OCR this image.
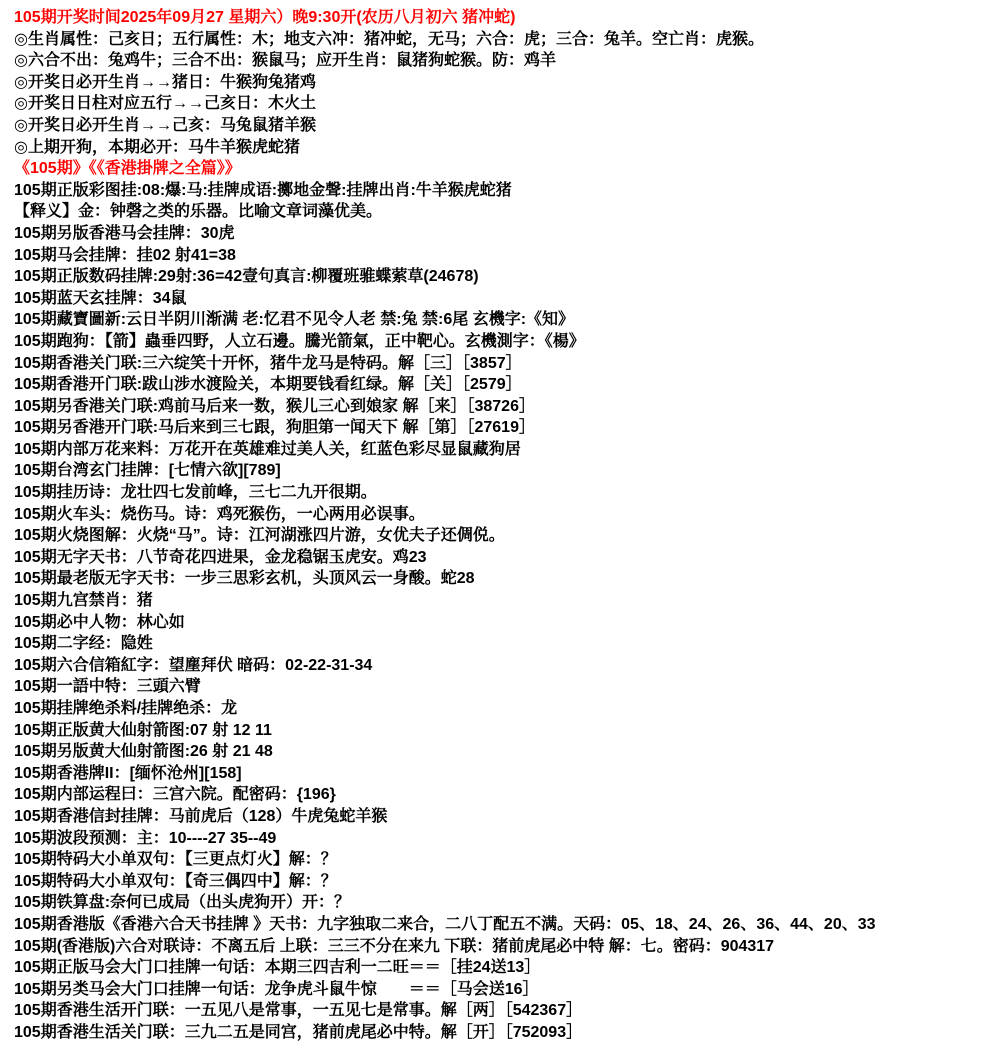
105期开奖时间2025年09月27 星期六）晚9:30开(农历八月初六 猪冲蛇)
◎生肖属性：己亥日；五行属性：木；地支六冲：猪冲蛇，无马；六合：虎；三合：兔羊。空亡肖：虎猴。
◎六合不出：兔鸡牛；三合不出：猴鼠马；应开生肖：鼠猪狗蛇猴。防：鸡羊
◎开奖日必开生肖→→猪日：牛猴狗兔猪鸡
◎开奖日日柱对应五行→→己亥日：木火土
◎开奖日必开生肖→→己亥：马兔鼠猪羊猴
◎上期开狗，本期必开：马牛羊猴虎蛇猪
《105期》《《香港掛牌之全篇》》
105期正版彩图挂:08:爆:马:挂牌成语:擲地金聲:挂牌出肖:牛羊猴虎蛇猪
【释义】金：钟磬之类的乐器。比喻文章词藻优美。
105期另版香港马会挂牌：30虎
105期马会挂牌：挂02 射41=38
105期正版数码挂牌:29射:36=42壹句真言:柳覆班骓蝶萦草(24678)
105期蓝天玄挂牌：34鼠
105期藏寶圖新:云日半阴川渐满 老:忆君不见令人老 禁:兔 禁:6尾 玄機字:《知》
105期跑狗：【箭】蟲垂四野，人立石邊。騰光箭氣，正中靶心。玄機測字：《楊》
105期香港关门联:三六绽笑十开怀，猪牛龙马是特码。解［三］［3857］
105期香港开门联:跋山涉水渡险关，本期要钱看红绿。解［关］［2579］
105期另香港关门联:鸡前马后来一数，猴儿三心到娘家 解［来］［38726］
105期另香港开门联:马后来到三七跟，狗胆第一闻天下 解［第］［27619］
105期内部万花来料：万花开在英雄难过美人关，红蓝色彩尽显鼠藏狗居
105期台湾玄门挂牌：[七情六欲][789]
105期挂历诗：龙壮四七发前峰，三七二九开很期。
105期火车头：烧伤马。诗：鸡死猴伤，一心两用必误事。
105期火烧图解：火烧“马”。诗：江河湖涨四片游，女优夫子还倜侻。
105期无字天书：八节奇花四进果，金龙稳锯玉虎安。鸡23
105期最老版无字天书：一步三思彩玄机，头顶风云一身酸。蛇28
105期九宫禁肖：猪
105期必中人物：林心如
105期二字经：隐姓
105期六合信箱紅字：望塵拜伏 暗码：02-22-31-34
105期一語中特：三頭六臂
105期挂牌绝杀料/挂牌绝杀：龙
105期正版黄大仙射箭图:07 射 12 11
105期另版黄大仙射箭图:26 射 21 48
105期香港牌II：[缅怀沧州][158]
105期内部运程曰：三宫六院。配密码：{196}
105期香港信封挂牌：马前虎后（128）牛虎兔蛇羊猴
105期波段预测：主：10----27 35--49
105期特码大小单双句：【三更点灯火】解：？
105期特码大小单双句：【奇三偶四中】解：？
105期铁算盘:奈何已成局（出头虎狗开）开：？
105期香港版《香港六合天书挂牌 》天书：九字独取二来合，二八丁配五不满。天码：05、18、24、26、36、44、20、33
105期(香港版)六合对联诗：不离五后 上联：三三不分在来九 下联：猪前虎尾必中特 解：七。密码：904317
105期正版马会大门口挂牌一句话：本期三四吉利一二旺＝＝［挂24送13］
105期另类马会大门口挂牌一句话：龙争虎斗鼠牛惊　　＝＝［马会送16］
105期香港生活开门联：一五见八是常事，一五见七是常事。解［两］［542367］
105期香港生活关门联：三九二五是同宫，猪前虎尾必中特。解［开］［752093］
